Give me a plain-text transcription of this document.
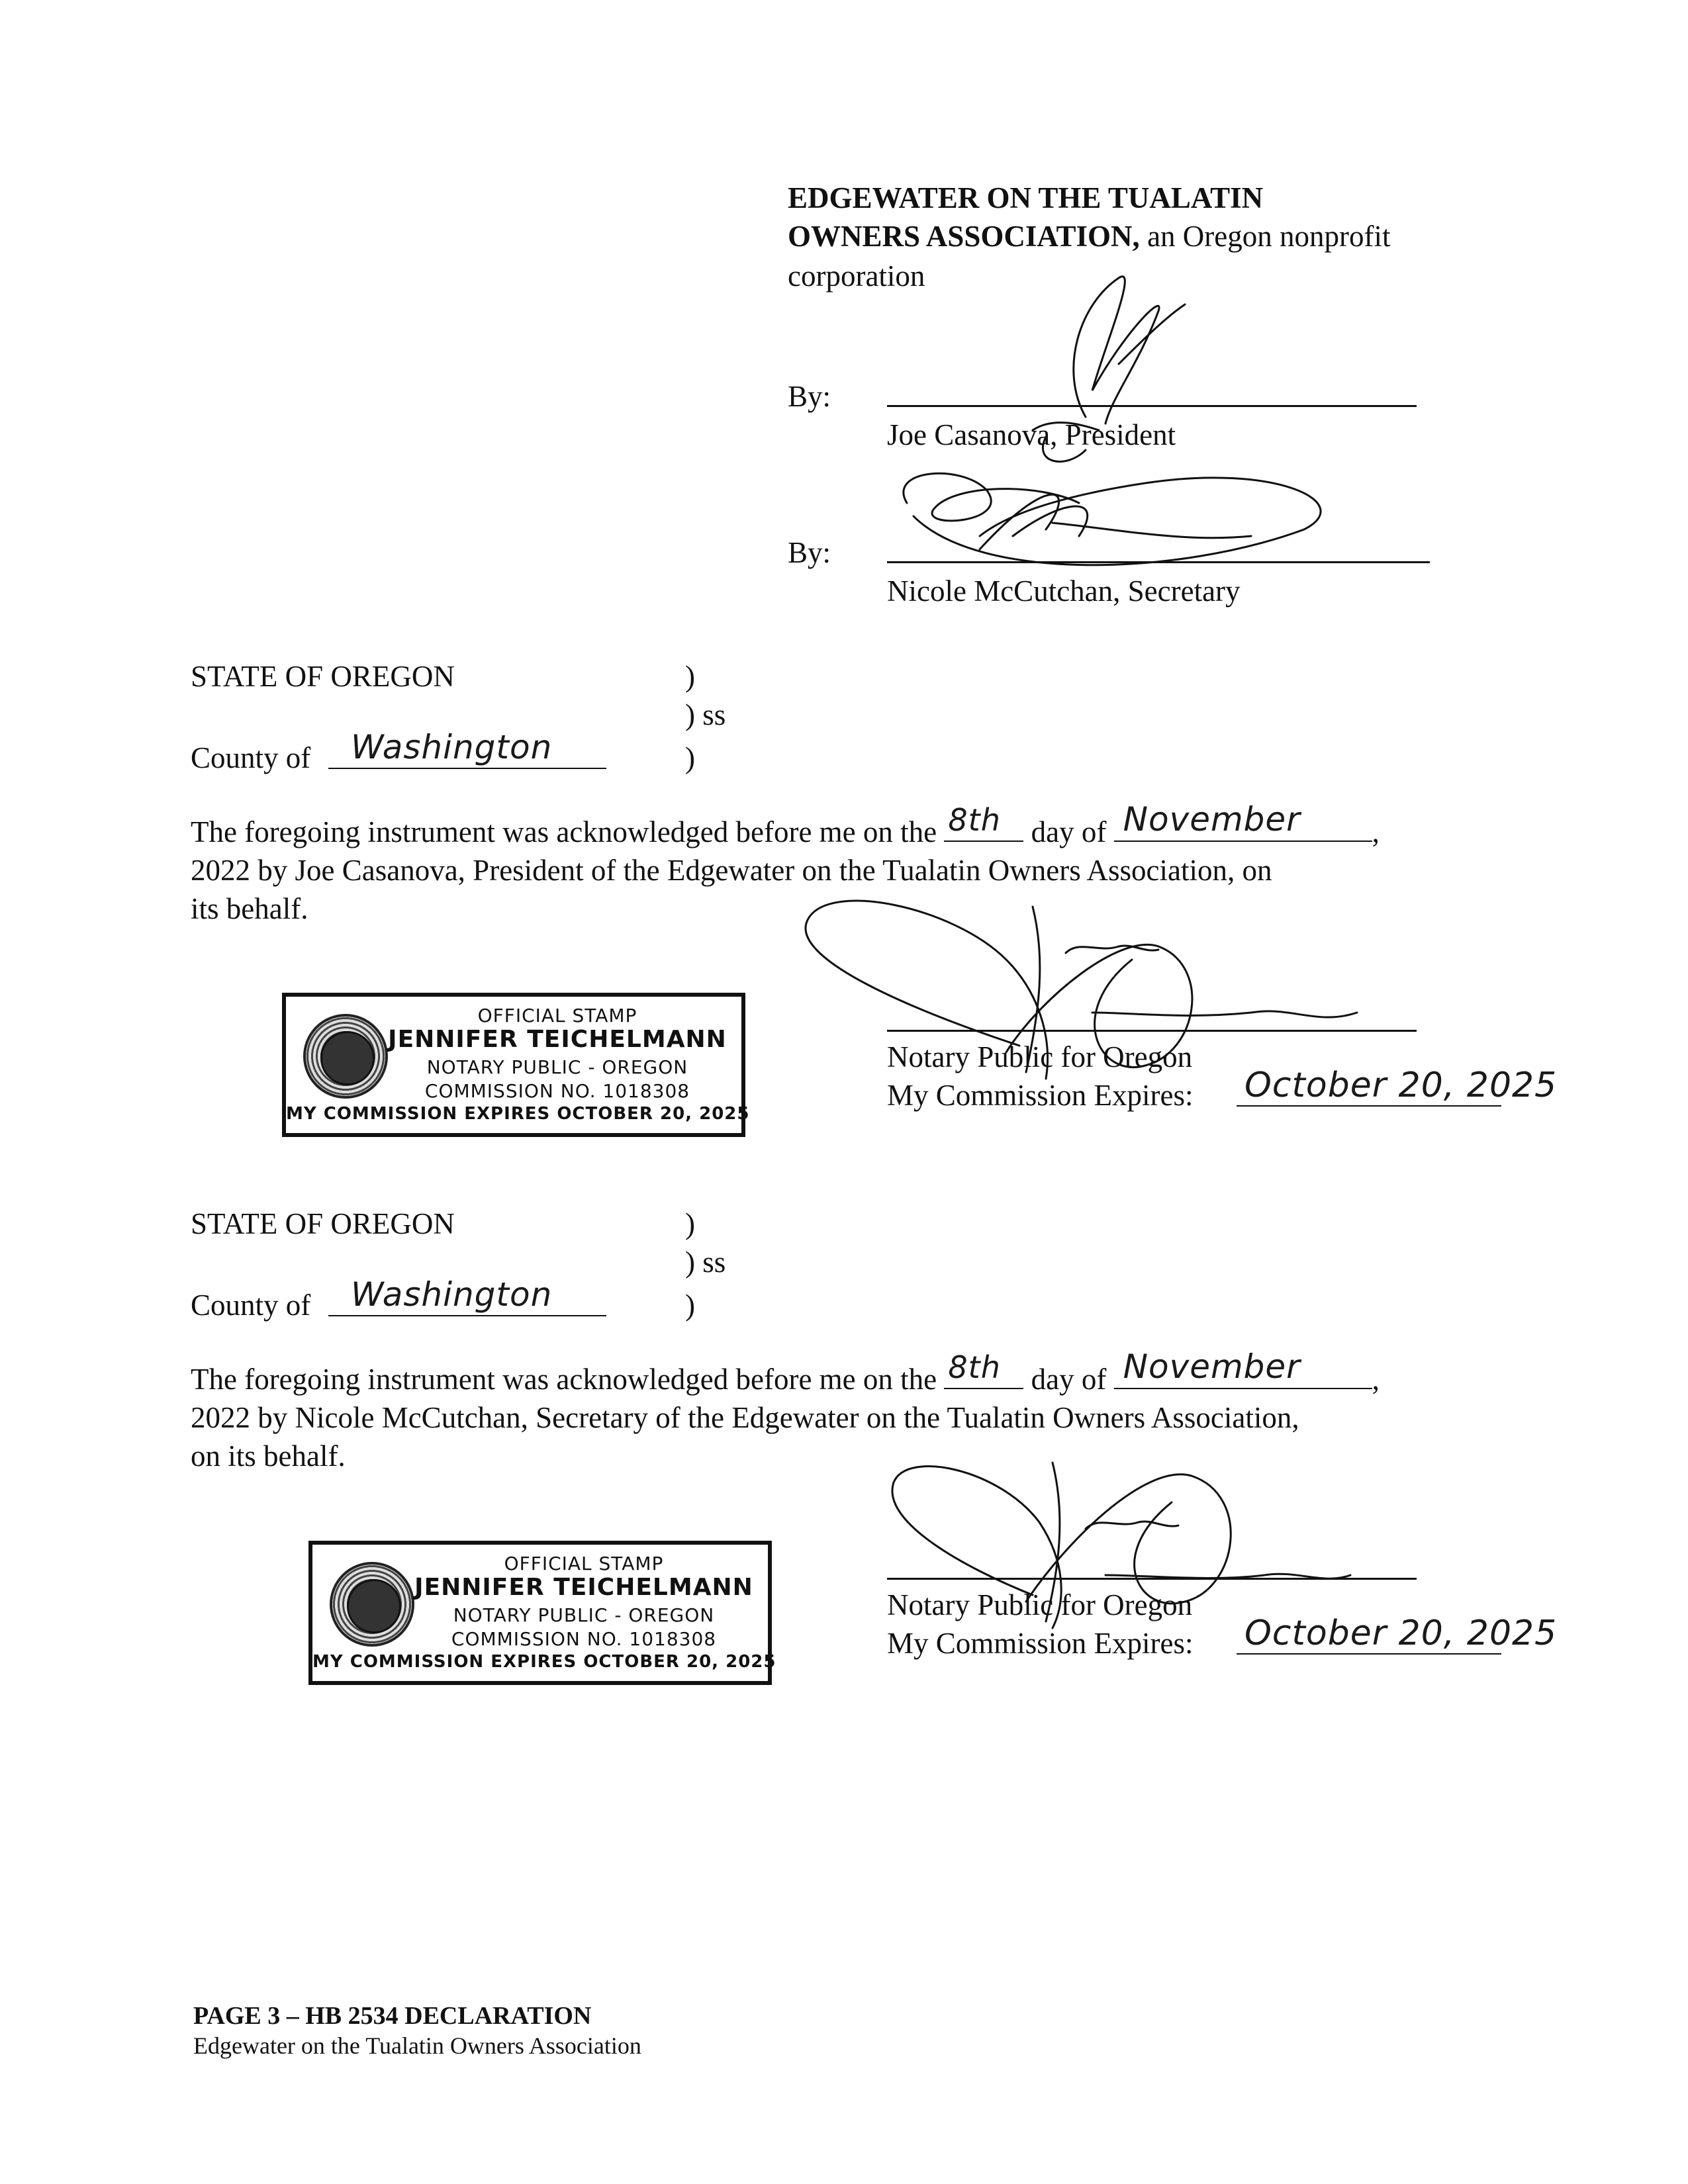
EDGEWATER ON THE TUALATIN
OWNERS ASSOCIATION, an Oregon nonprofit
corporation
By:
Joe Casanova, President
By:
Nicole McCutchan, Secretary
STATE OF OREGON	)
) ss
County of Washington	)
The foregoing instrument was acknowledged before me on the 8th day of November ,
2022 by Joe Casanova, President of the Edgewater on the Tualatin Owners Association, on
its behalf.
OFFICIAL STAMP
JENNIFER TEICHELMANN
NOTARY PUBLIC - OREGON
COMMISSION NO. 1018308
MY COMMISSION EXPIRES OCTOBER 20, 2025
Notary Public for Oregon
My Commission Expires: October 20, 2025
STATE OF OREGON	)
) ss
County of Washington	)
The foregoing instrument was acknowledged before me on the 8th day of November ,
2022 by Nicole McCutchan, Secretary of the Edgewater on the Tualatin Owners Association,
on its behalf.
OFFICIAL STAMP
JENNIFER TEICHELMANN
NOTARY PUBLIC - OREGON
COMMISSION NO. 1018308
MY COMMISSION EXPIRES OCTOBER 20, 2025
Notary Public for Oregon
My Commission Expires: October 20, 2025
PAGE 3 – HB 2534 DECLARATION
Edgewater on the Tualatin Owners Association
